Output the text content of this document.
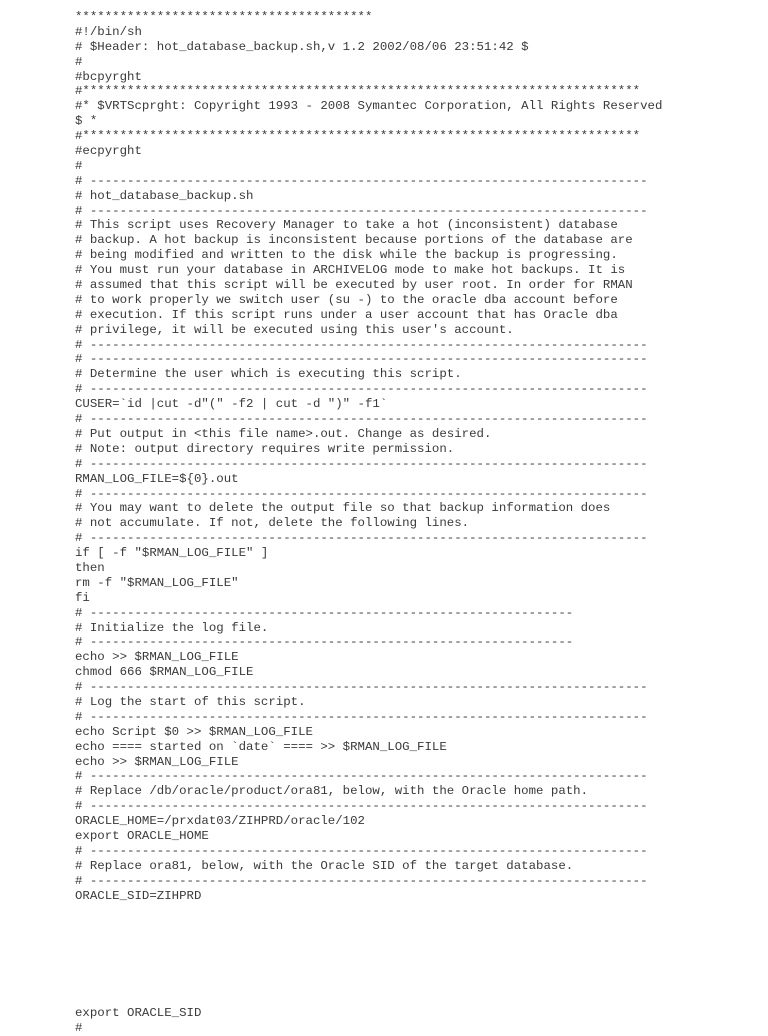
****************************************
#!/bin/sh
# $Header: hot_database_backup.sh,v 1.2 2002/08/06 23:51:42 $
#
#bcpyrght
#***************************************************************************
#* $VRTScprght: Copyright 1993 - 2008 Symantec Corporation, All Rights Reserved
$ *
#***************************************************************************
#ecpyrght
#
# ---------------------------------------------------------------------------
# hot_database_backup.sh
# ---------------------------------------------------------------------------
# This script uses Recovery Manager to take a hot (inconsistent) database
# backup. A hot backup is inconsistent because portions of the database are
# being modified and written to the disk while the backup is progressing.
# You must run your database in ARCHIVELOG mode to make hot backups. It is
# assumed that this script will be executed by user root. In order for RMAN
# to work properly we switch user (su -) to the oracle dba account before
# execution. If this script runs under a user account that has Oracle dba
# privilege, it will be executed using this user's account.
# ---------------------------------------------------------------------------
# ---------------------------------------------------------------------------
# Determine the user which is executing this script.
# ---------------------------------------------------------------------------
CUSER=`id |cut -d"(" -f2 | cut -d ")" -f1`
# ---------------------------------------------------------------------------
# Put output in <this file name>.out. Change as desired.
# Note: output directory requires write permission.
# ---------------------------------------------------------------------------
RMAN_LOG_FILE=${0}.out
# ---------------------------------------------------------------------------
# You may want to delete the output file so that backup information does
# not accumulate. If not, delete the following lines.
# ---------------------------------------------------------------------------
if [ -f "$RMAN_LOG_FILE" ]
then
rm -f "$RMAN_LOG_FILE"
fi
# -----------------------------------------------------------------
# Initialize the log file.
# -----------------------------------------------------------------
echo >> $RMAN_LOG_FILE
chmod 666 $RMAN_LOG_FILE
# ---------------------------------------------------------------------------
# Log the start of this script.
# ---------------------------------------------------------------------------
echo Script $0 >> $RMAN_LOG_FILE
echo ==== started on `date` ==== >> $RMAN_LOG_FILE
echo >> $RMAN_LOG_FILE
# ---------------------------------------------------------------------------
# Replace /db/oracle/product/ora81, below, with the Oracle home path.
# ---------------------------------------------------------------------------
ORACLE_HOME=/prxdat03/ZIHPRD/oracle/102
export ORACLE_HOME
# ---------------------------------------------------------------------------
# Replace ora81, below, with the Oracle SID of the target database.
# ---------------------------------------------------------------------------
ORACLE_SID=ZIHPRD
export ORACLE_SID
#
